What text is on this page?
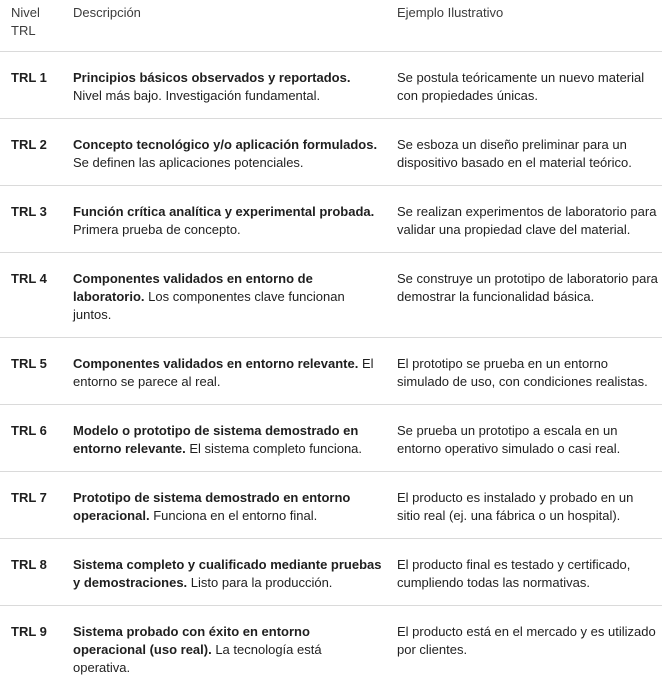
Nivel TRL	Descripción	Ejemplo Ilustrativo
TRL 1	Principios básicos observados y reportados. Nivel más bajo. Investigación fundamental.	Se postula teóricamente un nuevo material con propiedades únicas.
TRL 2	Concepto tecnológico y/o aplicación formulados. Se definen las aplicaciones potenciales.	Se esboza un diseño preliminar para un dispositivo basado en el material teórico.
TRL 3	Función crítica analítica y experimental probada. Primera prueba de concepto.	Se realizan experimentos de laboratorio para validar una propiedad clave del material.
TRL 4	Componentes validados en entorno de laboratorio. Los componentes clave funcionan juntos.	Se construye un prototipo de laboratorio para demostrar la funcionalidad básica.
TRL 5	Componentes validados en entorno relevante. El entorno se parece al real.	El prototipo se prueba en un entorno simulado de uso, con condiciones realistas.
TRL 6	Modelo o prototipo de sistema demostrado en entorno relevante. El sistema completo funciona.	Se prueba un prototipo a escala en un entorno operativo simulado o casi real.
TRL 7	Prototipo de sistema demostrado en entorno operacional. Funciona en el entorno final.	El producto es instalado y probado en un sitio real (ej. una fábrica o un hospital).
TRL 8	Sistema completo y cualificado mediante pruebas y demostraciones. Listo para la producción.	El producto final es testado y certificado, cumpliendo todas las normativas.
TRL 9	Sistema probado con éxito en entorno operacional (uso real). La tecnología está operativa.	El producto está en el mercado y es utilizado por clientes.
